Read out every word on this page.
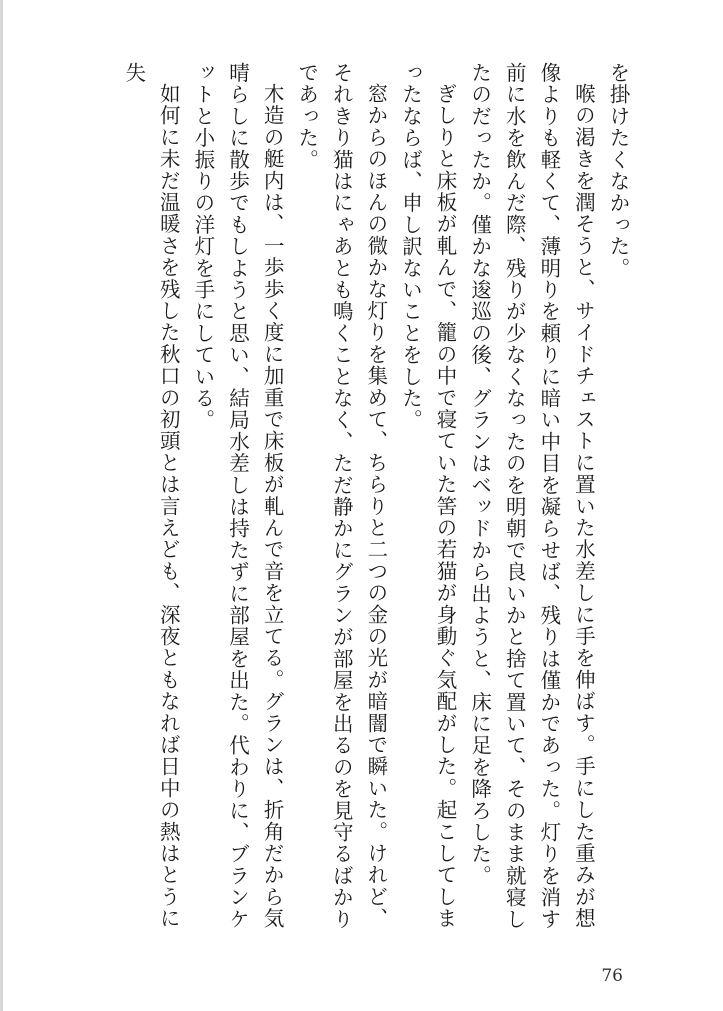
を掛けたくなかった。

喉の渇きを潤そうと、サイドチェストに置いた水差しに手を伸ばす。手にした重みが想像よりも軽くて、薄明りを頼りに暗い中目を凝らせば、残りは僅かであった。灯りを消す前に水を飲んだ際、残りが少なくなったのを明朝で良いかと捨て置いて、そのまま就寝したのだったか。僅かな逡巡の後、グランはベッドから出ようと、床に足を降ろした。

ぎしりと床板が軋んで、籠の中で寝ていた筈の若猫が身動ぐ気配がした。起こしてしまったならば、申し訳ないことをした。

窓からのほんの微かな灯りを集めて、ちらりと二つの金の光が暗闇で瞬いた。けれど、それきり猫はにゃあとも鳴くことなく、ただ静かにグランが部屋を出るのを見守るばかりであった。

木造の艇内は、一歩歩く度に加重で床板が軋んで音を立てる。グランは、折角だから気晴らしに散歩でもしようと思い、結局水差しは持たずに部屋を出た。代わりに、ブランケットと小振りの洋灯を手にしている。

如何に未だ温暖さを残した秋口の初頭とは言えども、深夜ともなれば日中の熱はとうに失

76
